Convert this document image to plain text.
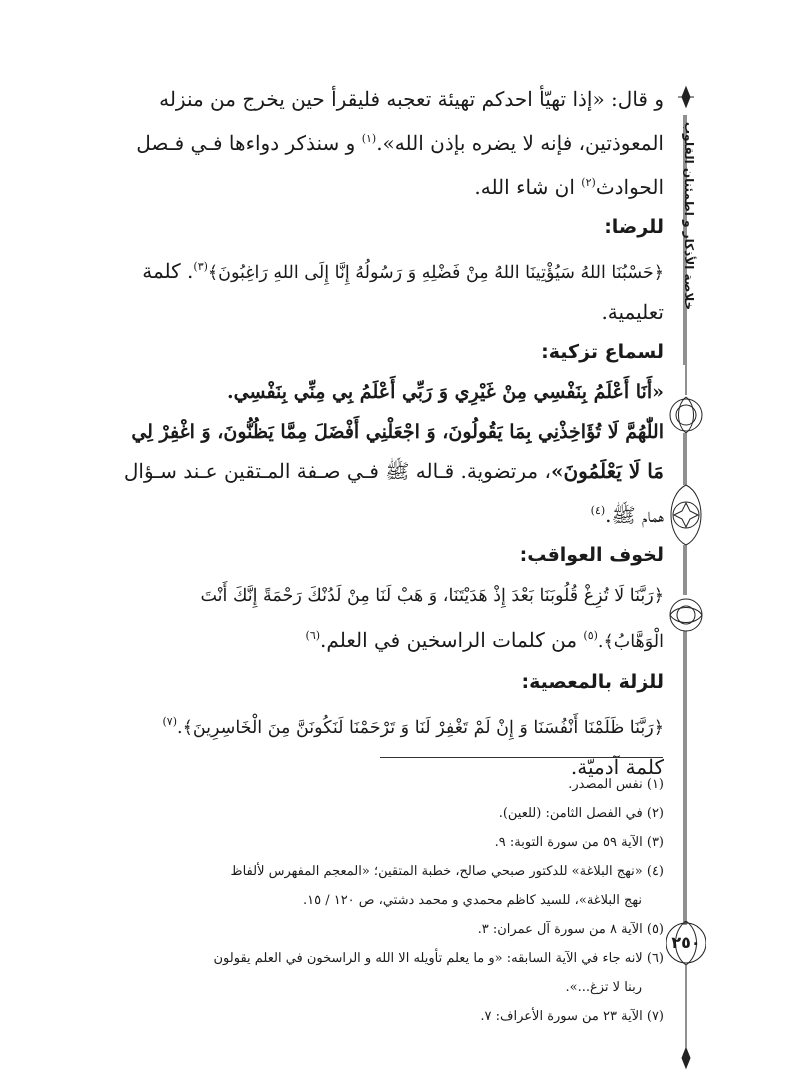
خلاصة الأذكار و اطمئنان القلوب
٢٥٠

و قال: «إذا تهيّأ احدكم تهيئة تعجبه فليقرأ حين يخرج من منزله

المعوذتين، فإنه لا يضره بإذن الله».$^{(١)}$ و سنذكر دواءها فـي فـصل

الحوادث$^{(٢)}$ ان شاء الله.

للرضا:

﴿حَسْبُنَا اللهُ سَيُؤْتِينَا اللهُ مِنْ فَضْلِهِ وَ رَسُولُهُ إِنَّا إِلَى اللهِ رَاغِبُونَ﴾$^{(٣)}$. كلمة

تعليمية.

لسماع تزكية:

«أَنَا أَعْلَمُ بِنَفْسِي مِنْ غَيْرِي وَ رَبِّي أَعْلَمُ بِي مِنِّي بِنَفْسِي.

اللّٰهُمَّ لَا تُؤَاخِذْنِي بِمَا يَقُولُونَ، وَ اجْعَلْنِي أَفْضَلَ مِمَّا يَظُنُّونَ، وَ اغْفِرْ لِي

مَا لَا يَعْلَمُونَ»، مرتضوية. قـاله ﷺ فـي صـفة المـتقين عـند سـؤال

همام ﷺ.$^{(٤)}$

لخوف العواقب:

﴿رَبَّنَا لَا تُزِغْ قُلُوبَنَا بَعْدَ إِذْ هَدَيْتَنَا، وَ هَبْ لَنَا مِنْ لَدُنْكَ رَحْمَةً إِنَّكَ أَنْتَ

الْوَهَّابُ﴾.$^{(٥)}$ من كلمات الراسخين في العلم.$^{(٦)}$

للزلة بالمعصية:

﴿رَبَّنَا ظَلَمْنَا أَنْفُسَنَا وَ إِنْ لَمْ تَغْفِرْ لَنَا وَ تَرْحَمْنَا لَنَكُونَنَّ مِنَ الْخَاسِرِينَ﴾.$^{(٧)}$

كلمة آدميّة.

(١) نفس المصدر.

(٢) في الفصل الثامن: (للعين).

(٣) الآية ٥٩ من سورة التوبة: ٩.

(٤) «نهج البلاغة» للدكتور صبحي صالح، خطبة المتقين؛ «المعجم المفهرس لألفاظ

نهج البلاغة»، للسيد كاظم محمدي و محمد دشتي، ص ١٢٠ / ١٥.

(٥) الآية ٨ من سورة آل عمران: ٣.

(٦) لانه جاء في الآية السابقه: «و ما يعلم تأويله الا الله و الراسخون في العلم يقولون

ربنا لا تزغ...».

(٧) الآية ٢٣ من سورة الأعراف: ٧.
